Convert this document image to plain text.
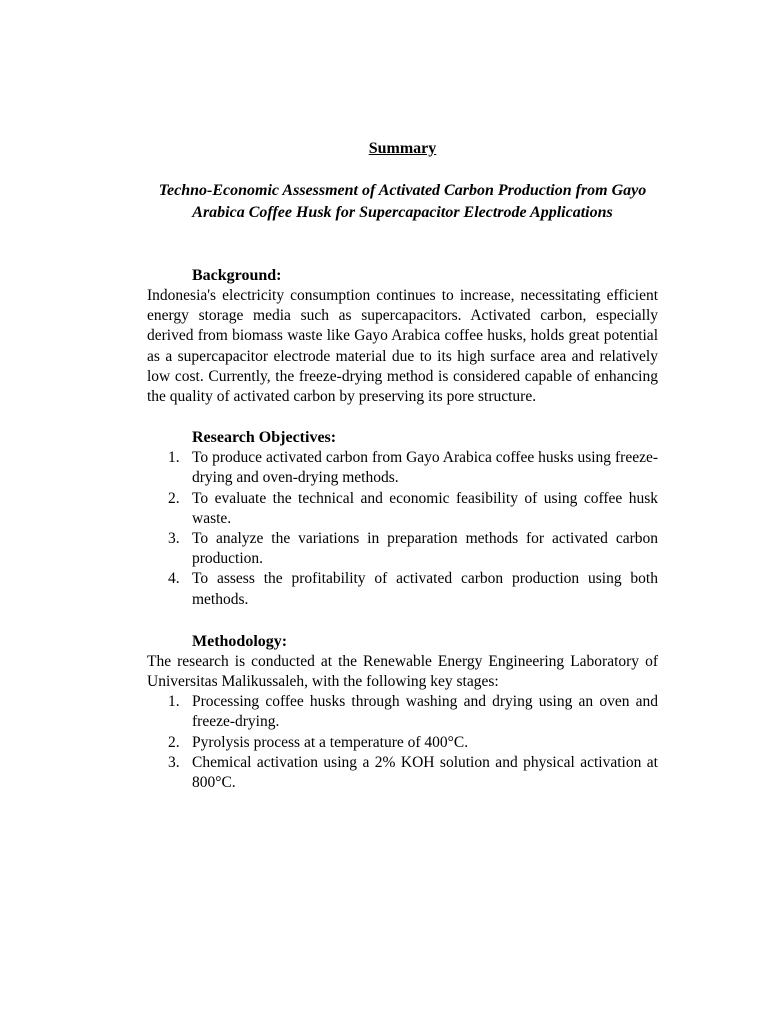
Summary

Techno-Economic Assessment of Activated Carbon Production from Gayo Arabica Coffee Husk for Supercapacitor Electrode Applications

Background:

Indonesia's electricity consumption continues to increase, necessitating efficient energy storage media such as supercapacitors. Activated carbon, especially derived from biomass waste like Gayo Arabica coffee husks, holds great potential as a supercapacitor electrode material due to its high surface area and relatively low cost. Currently, the freeze-drying method is considered capable of enhancing the quality of activated carbon by preserving its pore structure.

Research Objectives:

1. To produce activated carbon from Gayo Arabica coffee husks using freeze-drying and oven-drying methods.
2. To evaluate the technical and economic feasibility of using coffee husk waste.
3. To analyze the variations in preparation methods for activated carbon production.
4. To assess the profitability of activated carbon production using both methods.

Methodology:

The research is conducted at the Renewable Energy Engineering Laboratory of Universitas Malikussaleh, with the following key stages:

1. Processing coffee husks through washing and drying using an oven and freeze-drying.
2. Pyrolysis process at a temperature of 400°C.
3. Chemical activation using a 2% KOH solution and physical activation at 800°C.
